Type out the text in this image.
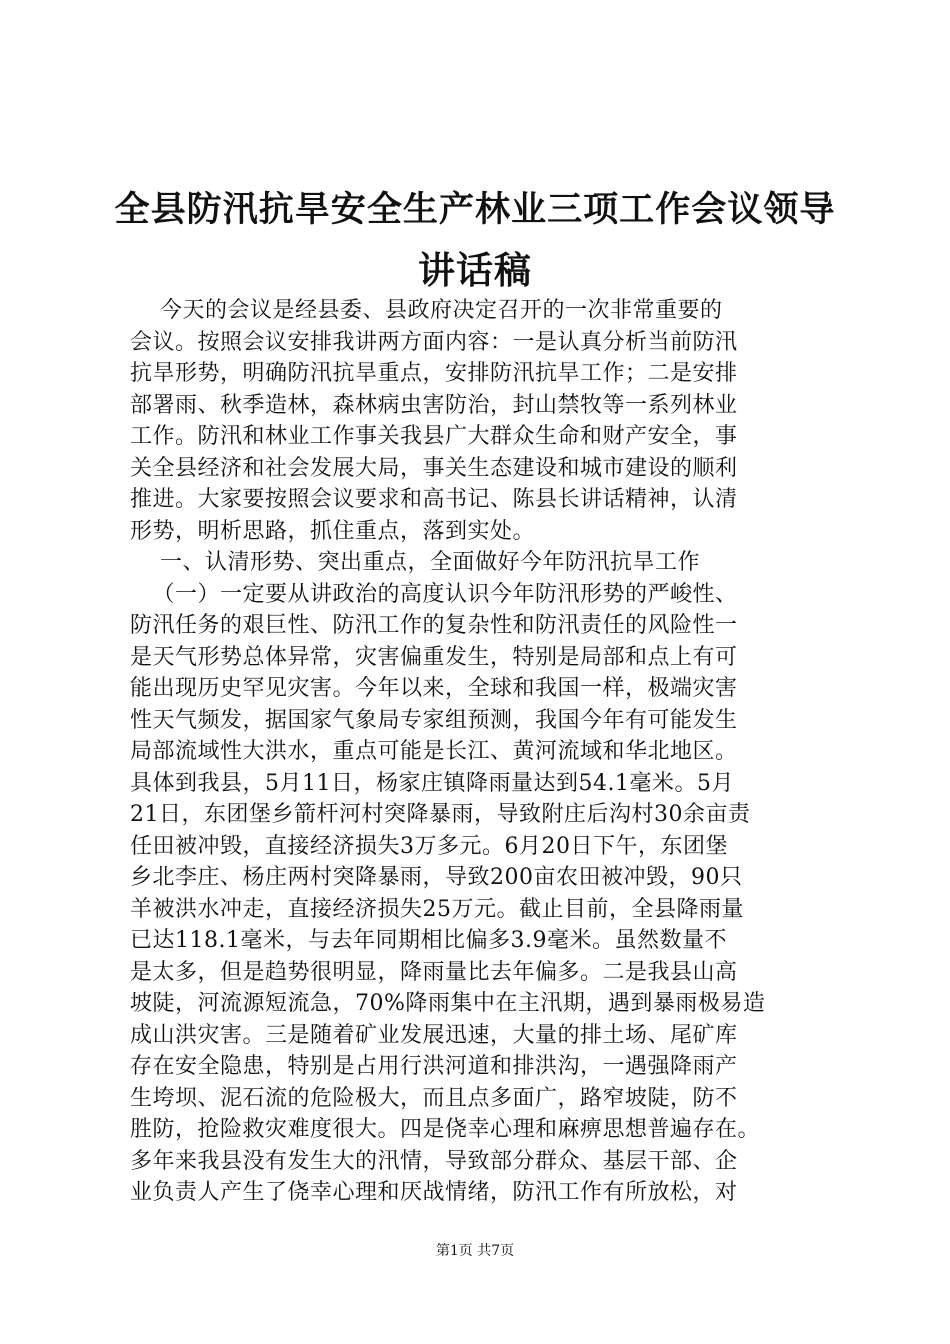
全县防汛抗旱安全生产林业三项工作会议领导
讲话稿
今天的会议是经县委、县政府决定召开的一次非常重要的
会议。按照会议安排我讲两方面内容：一是认真分析当前防汛
抗旱形势，明确防汛抗旱重点，安排防汛抗旱工作；二是安排
部署雨、秋季造林，森林病虫害防治，封山禁牧等一系列林业
工作。防汛和林业工作事关我县广大群众生命和财产安全，事
关全县经济和社会发展大局，事关生态建设和城市建设的顺利
推进。大家要按照会议要求和高书记、陈县长讲话精神，认清
形势，明析思路，抓住重点，落到实处。
一、认清形势、突出重点，全面做好今年防汛抗旱工作
（一）一定要从讲政治的高度认识今年防汛形势的严峻性、
防汛任务的艰巨性、防汛工作的复杂性和防汛责任的风险性一
是天气形势总体异常，灾害偏重发生，特别是局部和点上有可
能出现历史罕见灾害。今年以来，全球和我国一样，极端灾害
性天气频发，据国家气象局专家组预测，我国今年有可能发生
局部流域性大洪水，重点可能是长江、黄河流域和华北地区。
具体到我县，5月11日，杨家庄镇降雨量达到54.1毫米。5月
21日，东团堡乡箭杆河村突降暴雨，导致附庄后沟村30余亩责
任田被冲毁，直接经济损失3万多元。6月20日下午，东团堡
乡北李庄、杨庄两村突降暴雨，导致200亩农田被冲毁，90只
羊被洪水冲走，直接经济损失25万元。截止目前，全县降雨量
已达118.1毫米，与去年同期相比偏多3.9毫米。虽然数量不
是太多，但是趋势很明显，降雨量比去年偏多。二是我县山高
坡陡，河流源短流急，70%降雨集中在主汛期，遇到暴雨极易造
成山洪灾害。三是随着矿业发展迅速，大量的排土场、尾矿库
存在安全隐患，特别是占用行洪河道和排洪沟，一遇强降雨产
生垮坝、泥石流的危险极大，而且点多面广，路窄坡陡，防不
胜防，抢险救灾难度很大。四是侥幸心理和麻痹思想普遍存在。
多年来我县没有发生大的汛情，导致部分群众、基层干部、企
业负责人产生了侥幸心理和厌战情绪，防汛工作有所放松，对
第1页 共7页
